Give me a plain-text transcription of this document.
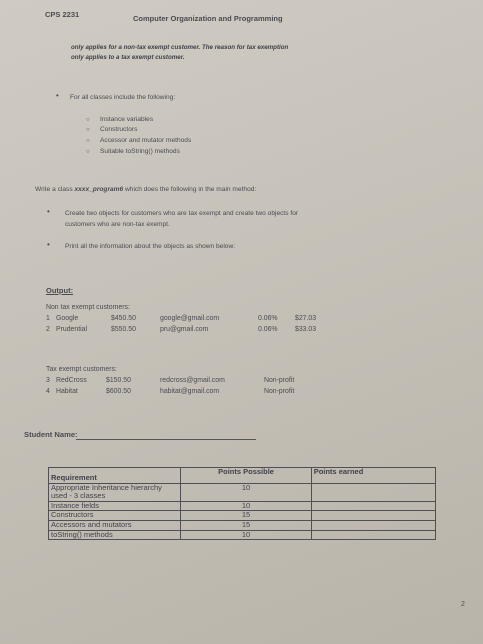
CPS 2231	Computer Organization and Programming
only applies for a non-tax exempt customer. The reason for tax exemption
only applies to a tax exempt customer.
• For all classes include the following:
○ Instance variables
○ Constructors
○ Accessor and mutator methods
○ Suitable toString() methods
Write a class xxxx_program6 which does the following in the main method:
• Create two objects for customers who are tax exempt and create two objects for
customers who are non-tax exempt.
• Print all the information about the objects as shown below:
Output:
Non tax exempt customers:
1 Google	$450.50	google@gmail.com	0.06%	$27.03
2 Prudential	$550.50	pru@gmail.com	0.06%	$33.03
Tax exempt customers:
3 RedCross	$150.50	redcross@gmail.com	Non-profit
4 Habitat	$600.50	habitat@gmail.com	Non-profit
Student Name:
Requirement	Points Possible	Points earned
Appropriate Inheritance hierarchy used - 3 classes	10	
Instance fields	10	
Constructors	15	
Accessors and mutators	15	
toString() methods	10	
2
